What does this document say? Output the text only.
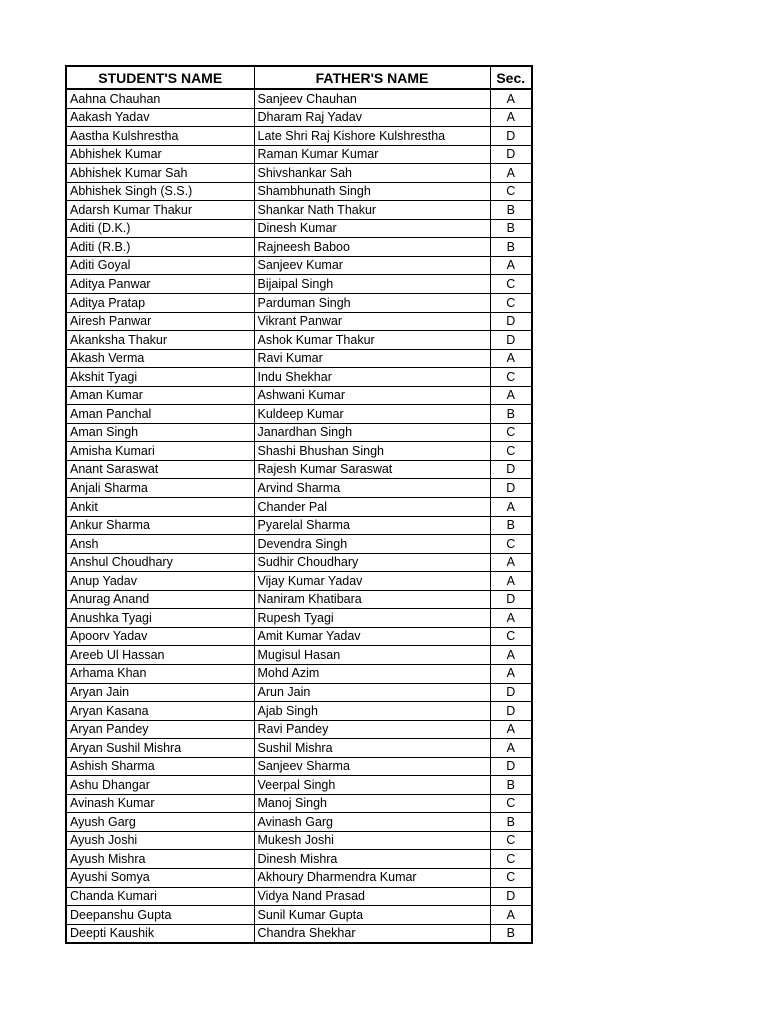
STUDENT'S NAME	FATHER'S NAME	Sec.
Aahna Chauhan	Sanjeev Chauhan	A
Aakash Yadav	Dharam Raj Yadav	A
Aastha Kulshrestha	Late Shri Raj Kishore Kulshrestha	D
Abhishek Kumar	Raman Kumar Kumar	D
Abhishek Kumar Sah	Shivshankar Sah	A
Abhishek Singh (S.S.)	Shambhunath Singh	C
Adarsh Kumar Thakur	Shankar Nath Thakur	B
Aditi (D.K.)	Dinesh Kumar	B
Aditi (R.B.)	Rajneesh Baboo	B
Aditi Goyal	Sanjeev Kumar	A
Aditya Panwar	Bijaipal Singh	C
Aditya Pratap	Parduman Singh	C
Airesh Panwar	Vikrant Panwar	D
Akanksha Thakur	Ashok Kumar Thakur	D
Akash Verma	Ravi Kumar	A
Akshit Tyagi	Indu Shekhar	C
Aman Kumar	Ashwani Kumar	A
Aman Panchal	Kuldeep Kumar	B
Aman Singh	Janardhan Singh	C
Amisha Kumari	Shashi Bhushan Singh	C
Anant Saraswat	Rajesh Kumar Saraswat	D
Anjali Sharma	Arvind Sharma	D
Ankit	Chander Pal	A
Ankur Sharma	Pyarelal Sharma	B
Ansh	Devendra Singh	C
Anshul Choudhary	Sudhir Choudhary	A
Anup Yadav	Vijay Kumar Yadav	A
Anurag Anand	Naniram Khatibara	D
Anushka Tyagi	Rupesh Tyagi	A
Apoorv Yadav	Amit Kumar Yadav	C
Areeb Ul Hassan	Mugisul Hasan	A
Arhama Khan	Mohd Azim	A
Aryan Jain	Arun Jain	D
Aryan Kasana	Ajab Singh	D
Aryan Pandey	Ravi Pandey	A
Aryan Sushil Mishra	Sushil Mishra	A
Ashish Sharma	Sanjeev Sharma	D
Ashu Dhangar	Veerpal Singh	B
Avinash Kumar	Manoj Singh	C
Ayush Garg	Avinash Garg	B
Ayush Joshi	Mukesh Joshi	C
Ayush Mishra	Dinesh Mishra	C
Ayushi Somya	Akhoury Dharmendra Kumar	C
Chanda Kumari	Vidya Nand Prasad	D
Deepanshu Gupta	Sunil Kumar Gupta	A
Deepti Kaushik	Chandra Shekhar	B
